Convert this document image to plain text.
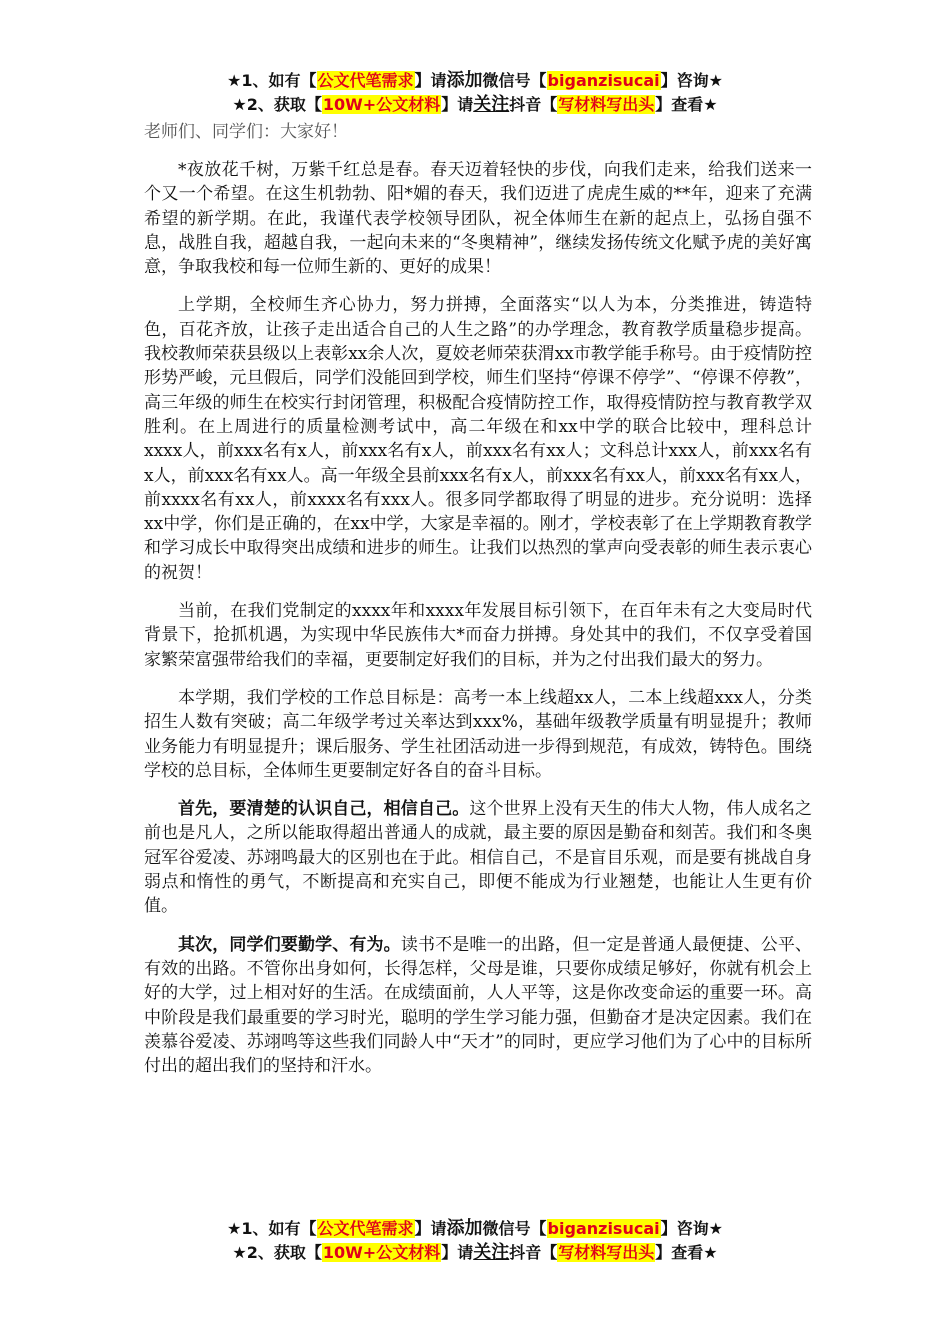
★1、如有【公文代笔需求】请添加微信号【biganzisucai】咨询★
★2、获取【10W+公文材料】请关注抖音【写材料写出头】查看★
老师们、同学们：大家好！

*夜放花千树，万紫千红总是春。春天迈着轻快的步伐，向我们走来，给我们送来一个又一个希望。在这生机勃勃、阳*媚的春天，我们迈进了虎虎生威的**年，迎来了充满希望的新学期。在此，我谨代表学校领导团队，祝全体师生在新的起点上，弘扬自强不息，战胜自我，超越自我，一起向未来的“冬奥精神”，继续发扬传统文化赋予虎的美好寓意，争取我校和每一位师生新的、更好的成果！

上学期，全校师生齐心协力，努力拼搏，全面落实“以人为本，分类推进，铸造特色，百花齐放，让孩子走出适合自己的人生之路”的办学理念，教育教学质量稳步提高。我校教师荣获县级以上表彰xx余人次，夏姣老师荣获渭xx市教学能手称号。由于疫情防控形势严峻，元旦假后，同学们没能回到学校，师生们坚持“停课不停学”、“停课不停教”，高三年级的师生在校实行封闭管理，积极配合疫情防控工作，取得疫情防控与教育教学双胜利。在上周进行的质量检测考试中，高二年级在和xx中学的联合比较中，理科总计xxxx人，前xxx名有x人，前xxx名有x人，前xxx名有xx人；文科总计xxx人，前xxx名有x人，前xxx名有xx人。高一年级全县前xxx名有x人，前xxx名有xx人，前xxx名有xx人，前xxxx名有xx人，前xxxx名有xxx人。很多同学都取得了明显的进步。充分说明：选择xx中学，你们是正确的，在xx中学，大家是幸福的。刚才，学校表彰了在上学期教育教学和学习成长中取得突出成绩和进步的师生。让我们以热烈的掌声向受表彰的师生表示衷心的祝贺！

当前，在我们党制定的xxxx年和xxxx年发展目标引领下，在百年未有之大变局时代背景下，抢抓机遇，为实现中华民族伟大*而奋力拼搏。身处其中的我们，不仅享受着国家繁荣富强带给我们的幸福，更要制定好我们的目标，并为之付出我们最大的努力。

本学期，我们学校的工作总目标是：高考一本上线超xx人，二本上线超xxx人，分类招生人数有突破；高二年级学考过关率达到xxx%，基础年级教学质量有明显提升；教师业务能力有明显提升；课后服务、学生社团活动进一步得到规范，有成效，铸特色。围绕学校的总目标，全体师生更要制定好各自的奋斗目标。

首先，要清楚的认识自己，相信自己。这个世界上没有天生的伟大人物，伟人成名之前也是凡人，之所以能取得超出普通人的成就，最主要的原因是勤奋和刻苦。我们和冬奥冠军谷爱凌、苏翊鸣最大的区别也在于此。相信自己，不是盲目乐观，而是要有挑战自身弱点和惰性的勇气，不断提高和充实自己，即便不能成为行业翘楚，也能让人生更有价值。

其次，同学们要勤学、有为。读书不是唯一的出路，但一定是普通人最便捷、公平、有效的出路。不管你出身如何，长得怎样，父母是谁，只要你成绩足够好，你就有机会上好的大学，过上相对好的生活。在成绩面前，人人平等，这是你改变命运的重要一环。高中阶段是我们最重要的学习时光，聪明的学生学习能力强，但勤奋才是决定因素。我们在羡慕谷爱凌、苏翊鸣等这些我们同龄人中“天才”的同时，更应学习他们为了心中的目标所付出的超出我们的坚持和汗水。

★1、如有【公文代笔需求】请添加微信号【biganzisucai】咨询★
★2、获取【10W+公文材料】请关注抖音【写材料写出头】查看★
